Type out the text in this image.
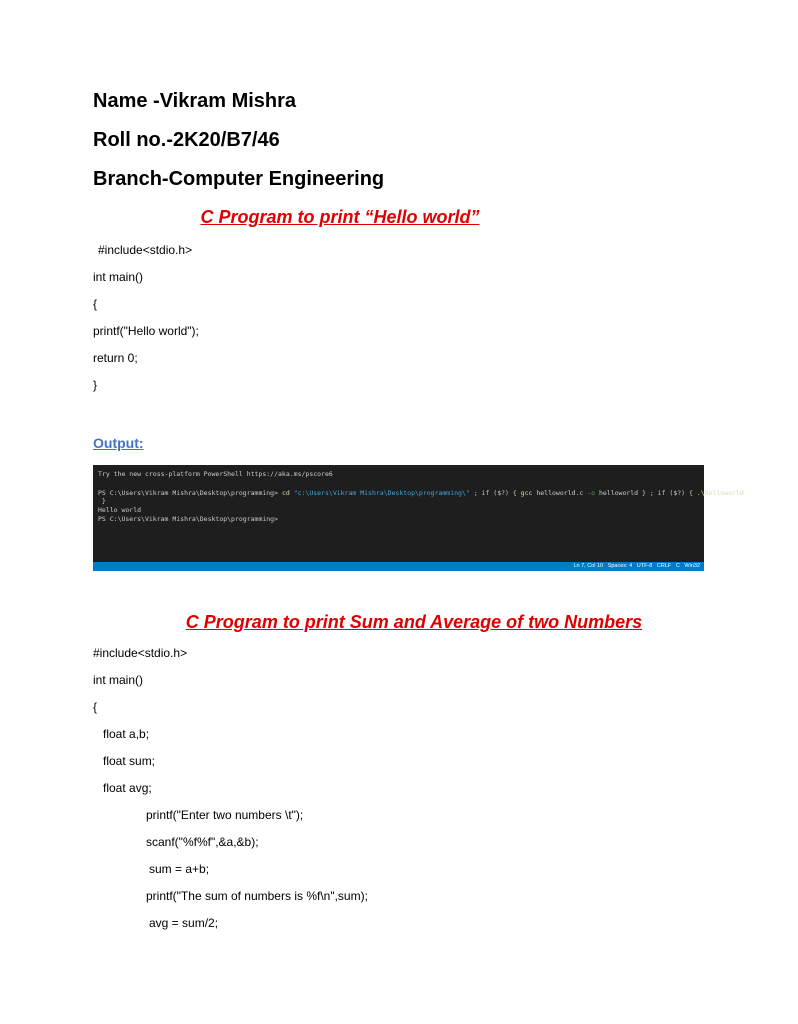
Name -Vikram Mishra
Roll no.-2K20/B7/46
Branch-Computer Engineering
C Program to print “Hello world”
#include<stdio.h>
int main()
{
printf("Hello world");
return 0;
}
Output:
Try the new cross-platform PowerShell https://aka.ms/pscore6
PS C:\Users\Vikram Mishra\Desktop\programming> cd "c:\Users\Vikram Mishra\Desktop\programming\" ; if ($?) { gcc helloworld.c -o helloworld } ; if ($?) { .\helloworld
}
Hello world
PS C:\Users\Vikram Mishra\Desktop\programming>
Ln 7, Col 10   Spaces: 4   UTF-8   CRLF   C   Win32
C Program to print Sum and Average of two Numbers
#include<stdio.h>
int main()
{
float a,b;
float sum;
float avg;
printf("Enter two numbers \t");
scanf("%f%f",&a,&b);
sum = a+b;
printf("The sum of numbers is %f\n",sum);
avg = sum/2;
